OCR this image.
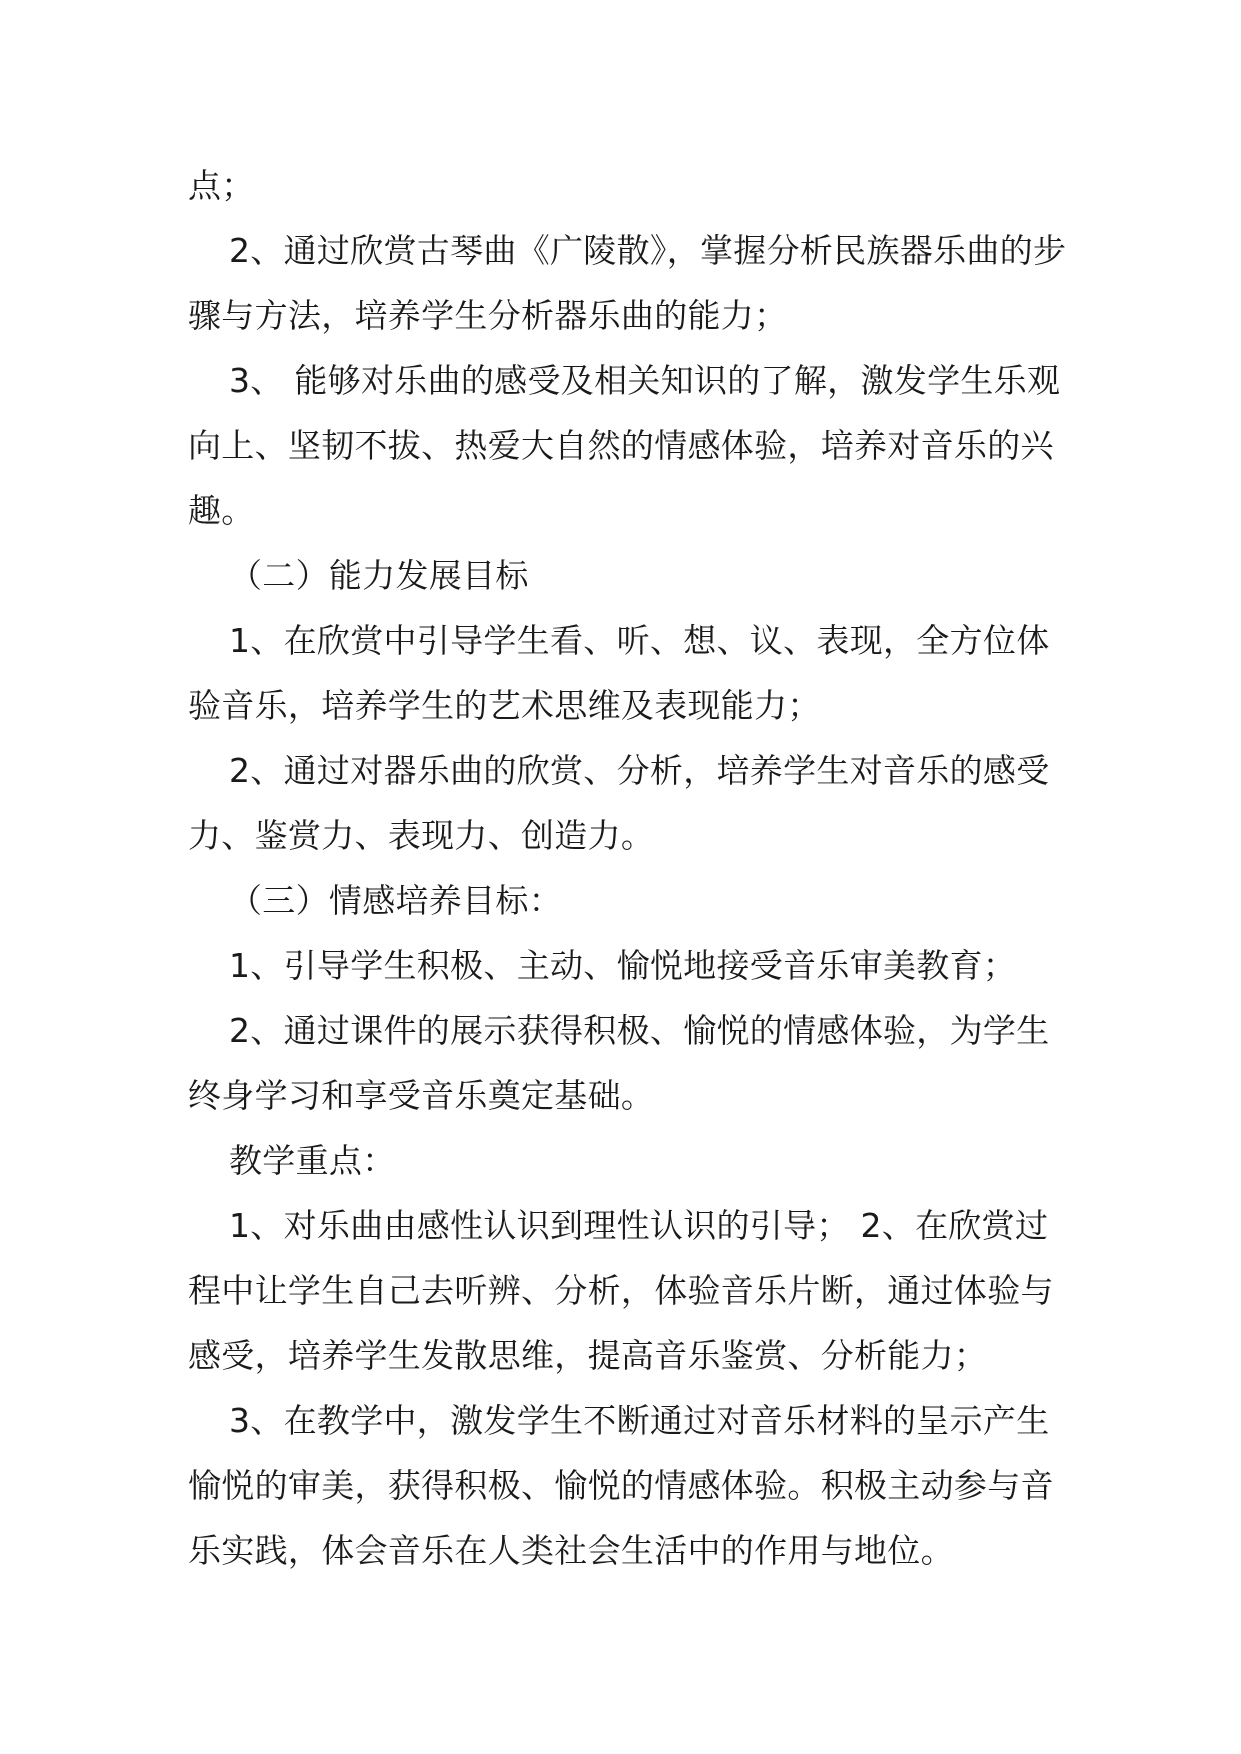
点；
2、通过欣赏古琴曲《广陵散》，掌握分析民族器乐曲的步
骤与方法，培养学生分析器乐曲的能力；
3、 能够对乐曲的感受及相关知识的了解，激发学生乐观
向上、坚韧不拔、热爱大自然的情感体验，培养对音乐的兴
趣。
（二）能力发展目标
1、在欣赏中引导学生看、听、想、议、表现，全方位体
验音乐，培养学生的艺术思维及表现能力；
2、通过对器乐曲的欣赏、分析，培养学生对音乐的感受
力、鉴赏力、表现力、创造力。
（三）情感培养目标：
1、引导学生积极、主动、愉悦地接受音乐审美教育；
2、通过课件的展示获得积极、愉悦的情感体验，为学生
终身学习和享受音乐奠定基础。
教学重点：
1、对乐曲由感性认识到理性认识的引导； 2、在欣赏过
程中让学生自己去听辨、分析，体验音乐片断，通过体验与
感受，培养学生发散思维，提高音乐鉴赏、分析能力；
3、在教学中，激发学生不断通过对音乐材料的呈示产生
愉悦的审美，获得积极、愉悦的情感体验。积极主动参与音
乐实践，体会音乐在人类社会生活中的作用与地位。
